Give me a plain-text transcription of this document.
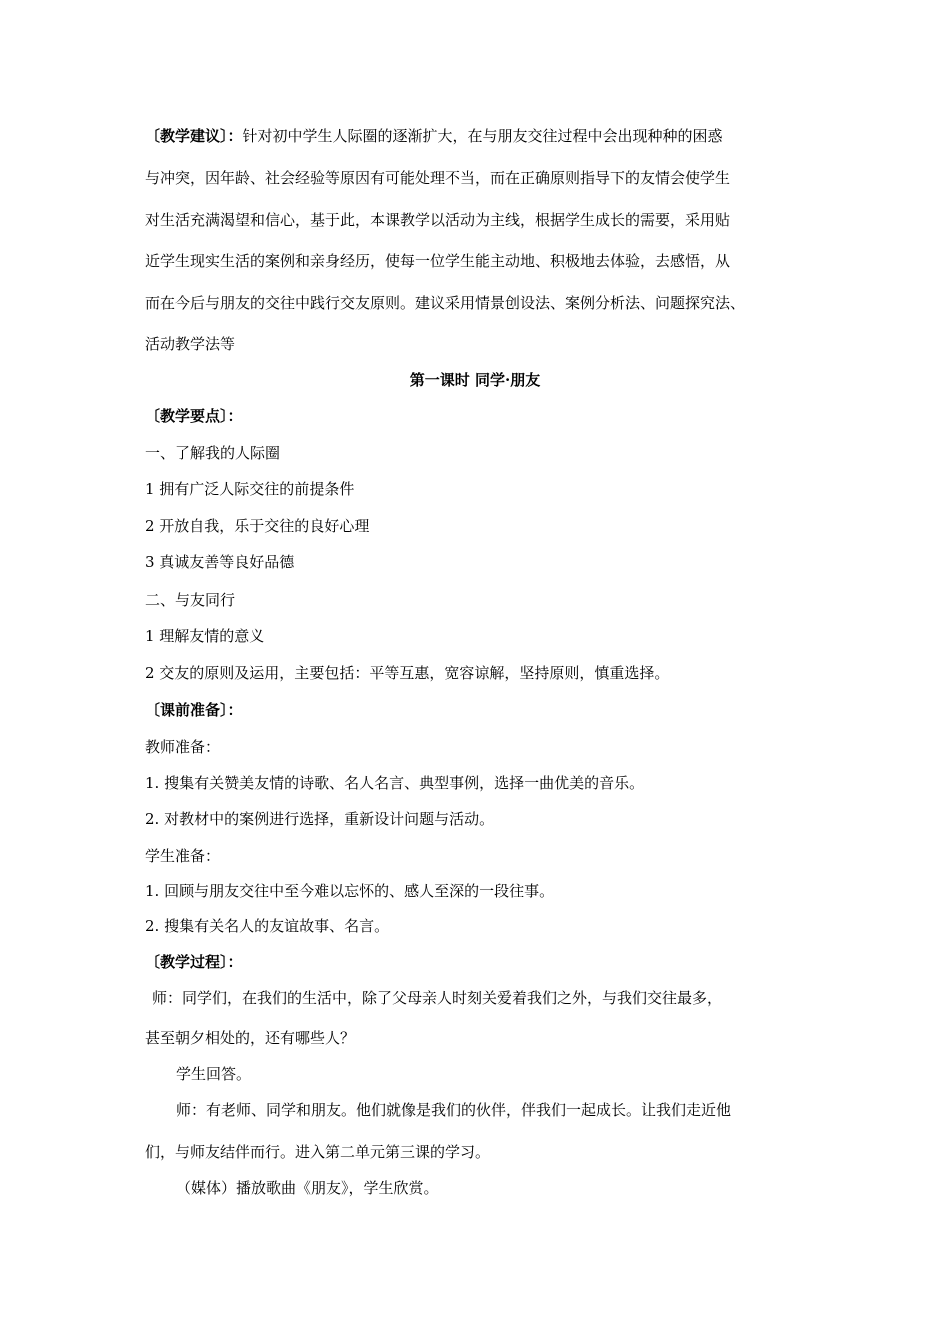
〔教学建议〕：针对初中学生人际圈的逐渐扩大，在与朋友交往过程中会出现种种的困惑
与冲突，因年龄、社会经验等原因有可能处理不当，而在正确原则指导下的友情会使学生
对生活充满渴望和信心，基于此，本课教学以活动为主线，根据学生成长的需要，采用贴
近学生现实生活的案例和亲身经历，使每一位学生能主动地、积极地去体验，去感悟，从
而在今后与朋友的交往中践行交友原则。建议采用情景创设法、案例分析法、问题探究法、
活动教学法等
第一课时 同学·朋友
〔教学要点〕：
一、了解我的人际圈
1 拥有广泛人际交往的前提条件
2 开放自我，乐于交往的良好心理
3 真诚友善等良好品德
二、与友同行
1 理解友情的意义
2 交友的原则及运用，主要包括：平等互惠，宽容谅解，坚持原则，慎重选择。
〔课前准备〕：
教师准备：
1. 搜集有关赞美友情的诗歌、名人名言、典型事例，选择一曲优美的音乐。
2. 对教材中的案例进行选择，重新设计问题与活动。
学生准备：
1. 回顾与朋友交往中至今难以忘怀的、感人至深的一段往事。
2. 搜集有关名人的友谊故事、名言。
〔教学过程〕：
师：同学们，在我们的生活中，除了父母亲人时刻关爱着我们之外，与我们交往最多，
甚至朝夕相处的，还有哪些人？
学生回答。
师：有老师、同学和朋友。他们就像是我们的伙伴，伴我们一起成长。让我们走近他
们，与师友结伴而行。进入第二单元第三课的学习。
（媒体）播放歌曲《朋友》，学生欣赏。
